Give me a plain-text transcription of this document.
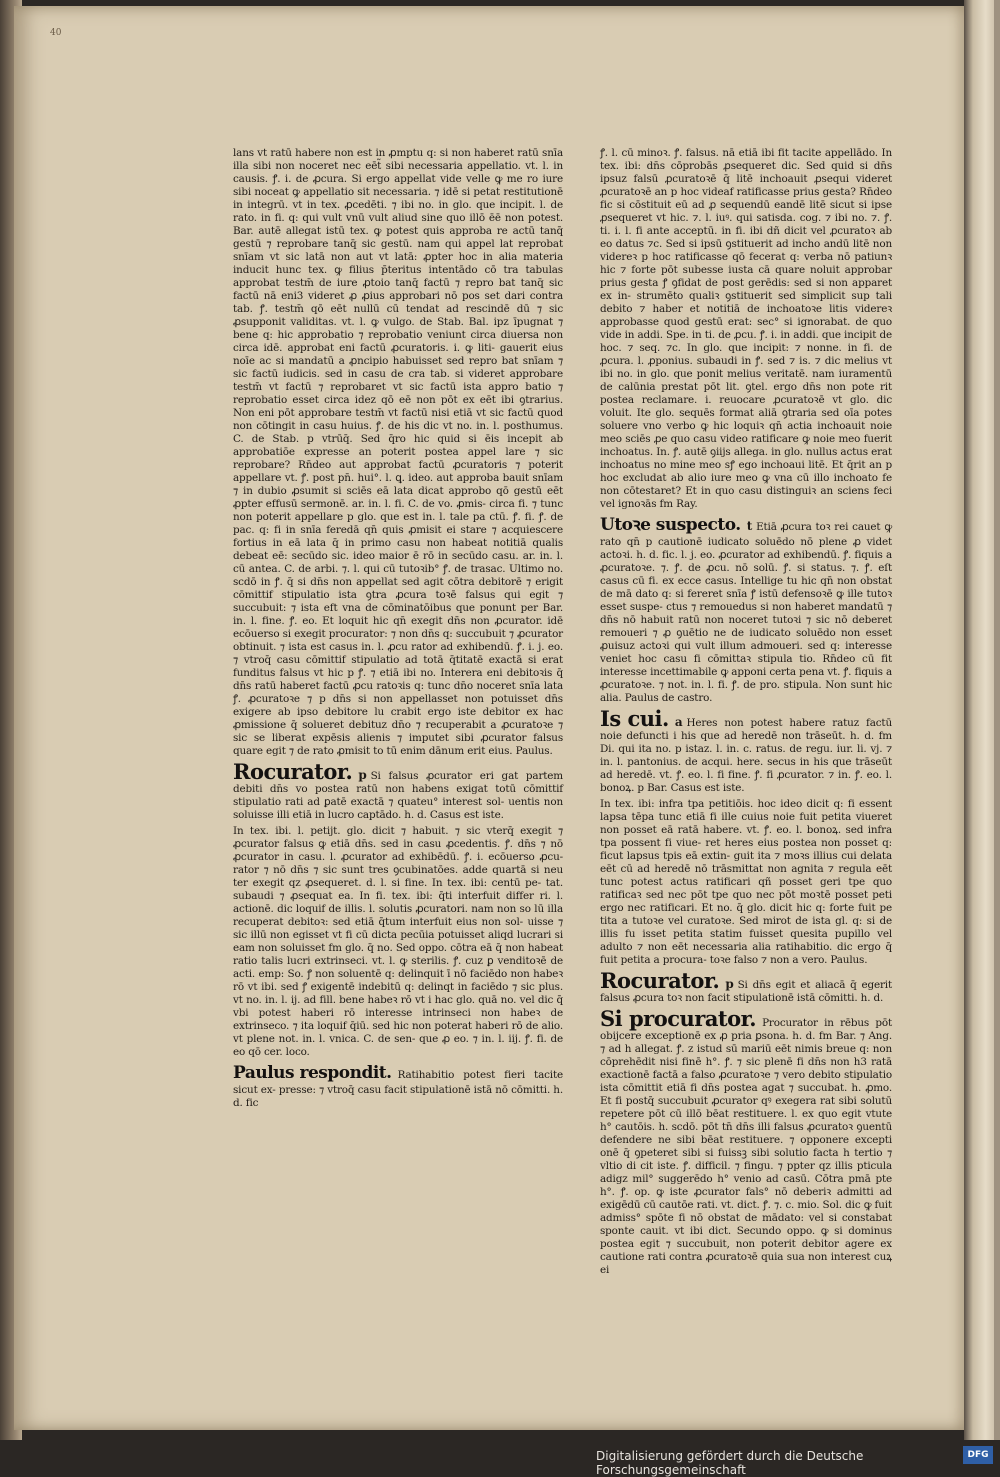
40

lans vt ratū habere non est in ꝓmptu q: si non haberet ratū snīa illa sibi non noceret nec eēt̃ sibi necessaria appellatio. vt. l. in causis. ꝭ. i. de ꝓcura. Si ergo appellat vide velle ꝙ me ro iure sibi noceat ꝙ appellatio sit necessaria. ⁊ idē si petat restitutionē in integrū. vt in tex. ꝓcedēti. ⁊ ibi no. in glo. que incipit. l. de rato. in fi. q: qui vult vnū vult aliud sine quo illō ēē non potest. Bar. autē allegat istū tex. ꝙ potest quis approba re actū tanq̄ gestū ⁊ reprobare tanq̄ sic gestū. nam qui appel lat reprobat snīam vt sic latā non aut vt latā: ꝓpter hoc in alia materia inducit hunc tex. ꝙ filius p̄teritus intentādo cō tra tabulas approbat testm̄ de iure ꝓtoio tanq̄ factū ⁊ repro bat tanq̄ sic factū nā eni3 videret ꝓ ꝓius approbari nō pos set dari contra tab. ꝭ. testm̄ qō eēt nullū cū tendat ad rescindē dū ⁊ sic ꝓsupponit validitas. vt. l. ꝙ vulgo. de Stab. Bal. ipz īpugnat ⁊ bene q: hic approbatio ⁊ reprobatio veniunt circa diuersa non circa idē. approbat eni factū ꝓcuratoris. i. ꝙ liti- gauerit eius noīe ac si mandatū a ꝓncipio habuisset sed repro bat snīam ⁊ sic factū iudicis. sed in casu de cra tab. si videret approbare testm̄ vt factū ⁊ reprobaret vt sic factū ista appro batio ⁊ reprobatio esset circa idez qō eē non pōt ex eēt ibi ꝯtrarius. Non eni pōt approbare testm̄ vt factū nisi etiā vt sic factū quod non cōtingit in casu huius. ꝭ. de his dic vt no. in. l. posthumus. C. de Stab. p vtrūq̄. Sed q̄ro hic quid si ēis incepit ab approbatiōe expresse an poterit postea appel lare ⁊ sic reprobare? Rn̄deo aut approbat factū ꝓcuratoris ⁊ poterit appellare vt. ꝭ. post pn̄. hui°. l. ꝗ. ideo. aut approba bauit snīam ⁊ in dubio ꝓsumit si sciēs eā lata dicat approbo qō gestū eēt ꝓpter effusū sermonē. ar. in. l. fi. C. de vo. ꝓmis- circa fi. ⁊ tunc non poterit appellare p glo. que est in. l. tale pa ctū. ꝭ. fi. ꝭ. de pac. q: fi in snīa feredā qn̄ quis ꝓmisit ei stare ⁊ acquiescere fortius in eā lata q̄ in primo casu non habeat notitiā qualis debeat eē: secūdo sic. ideo maior ē rō in secūdo casu. ar. in. l. cū antea. C. de arbi. ⁊. l. qui cū tutoꝛib° ꝭ. de trasac. Ultimo no. scdō in ꝭ. q̄ si dn̄s non appellat sed agit cōtra debitorē ⁊ erigit cōmittif stipulatio ista ꝯtra ꝓcura toꝛē falsus qui egit ⁊ succubuit: ⁊ ista eft vna de cōminatōibus que ponunt per Bar. in. l. fine. ꝭ. eo. Et loquit hic qn̄ exegit dn̄s non ꝓcurator. idē ecōuerso si exegit procurator: ⁊ non dn̄s q: succubuit ⁊ ꝓcurator obtinuit. ⁊ ista est casus in. l. ꝓcu rator ad exhibendū. ꝭ. i. j. eo. ⁊ vtroq̄ casu cōmittif stipulatio ad totā q̄titatē exactā si erat funditus falsus vt hic p ꝭ. ⁊ etiā ibi no. Interera eni debitoꝛis q̄ dn̄s ratū haberet factū ꝓcu ratoꝛis q: tunc dn̄o noceret snīa lata ꝭ. ꝓcuratoꝛe ⁊ p dn̄s si non appellasset non potuisset dn̄s exigere ab ipso debitore lu crabit ergo iste debitor ex hac ꝓmissione q̄ solueret debituz dn̄o ⁊ recuperabit a ꝓcuratoꝛe ⁊ sic se liberat expēsis alienis ⁊ imputet sibi ꝓcurator falsus quare egit ⁊ de rato ꝓmisit to tū enim dānum erit eius. Paulus.

Rocurator. p Si falsus ꝓcurator eri gat partem debiti dn̄s vo postea ratū non habens exigat totū cōmittif stipulatio rati ad ꝑatē exactā ⁊ quateu° interest sol- uentis non soluisse illi etiā in lucro captādo. h. d. Casus est iste.

In tex. ibi. l. petijt. glo. dicit ⁊ habuit. ⁊ sic vterq̄ exegit ⁊ ꝓcurator falsus ꝙ etiā dn̄s. sed in casu ꝓcedentis. ꝭ. dn̄s ⁊ nō ꝓcurator in casu. l. ꝓcurator ad exhibēdū. ꝭ. i. ecōuerso ꝓcu- rator ⁊ nō dn̄s ⁊ sic sunt tres ꝯcubinatōes. adde quartā si neu ter exegit qz ꝓsequeret. d. l. si fine. In tex. ibi: centū pe- tat. subaudi ⁊ ꝓsequat ea. In fi. tex. ibi: q̄ti interfuit differ ri. l. actionē. dic loquif de illis. l. solutis ꝓcuratori. nam non so lū illa recuperat debitoꝛ: sed etiā q̄tum interfuit eius non sol- uisse ⁊ sic illū non egisset vt fi cū dicta pecūia potuisset aliqd lucrari si eam non soluisset fm glo. q̄ no. Sed oppo. cōtra eā q̄ non habeat ratio talis lucri extrinseci. vt. l. ꝙ sterilis. ꝭ. cuz ꝑ venditoꝛē de acti. emp: So. ꝭ non soluentē q: delinquit ī nō faciēdo non habeꝛ rō vt ibi. sed ꝭ exigentē indebitū q: delinqt in faciēdo ⁊ sic plus. vt no. in. l. ij. ad fill. bene habeꝛ rō vt i hac glo. quā no. vel dic q̄ vbi potest haberi rō interesse intrinseci non habeꝛ de extrinseco. ⁊ ita loquif q̄iū. sed hic non poterat haberi rō de alio. vt plene not. in. l. vnica. C. de sen- que ꝓ eo. ⁊ in. l. iij. ꝭ. fi. de eo qō cer. loco.

Paulus respondit. Ratihabitio potest fieri tacite sicut ex- presse: ⁊ vtroq̄ casu facit stipulationē istā nō cōmitti. h. d. fic

ꝭ. l. cū minoꝛ. ꝭ. falsus. nā etiā ibi fit tacite appellādo. In tex. ibi: dn̄s cōprobās ꝓsequeret dic. Sed quid si dn̄s ipsuz falsū ꝓcuratoꝛē q̄ litē inchoauit ꝓsequi videret ꝓcuratoꝛē an p hoc videaf ratificasse prius gesta? Rn̄deo fic si cōstituit eū ad ꝓ sequendū eandē litē sicut si ipse ꝓsequeret vt hic. ⁊. l. iuꝰ. qui satisda. cog. ⁊ ibi no. ⁊. ꝭ. ti. i. l. fi ante acceptū. in fi. ibi dñ dicit vel ꝓcuratoꝛ ab eo datus ⁊c. Sed si ipsū ꝯstituerit ad incho andū litē non videreꝛ p hoc ratificasse qō fecerat q: verba nō patiunꝛ hic ⁊ forte pōt subesse iusta cā quare noluit approbar prius gesta ꝭ ꝯfidat de post gerēdis: sed si non apparet ex in- strumēto qualiꝛ ꝯstituerit sed simplicit sup tali debito ⁊ haber et notitiā de inchoatoꝛe litis videreꝛ approbasse quod gestū erat: sec° si ignorabat. de quo vide in addi. Spe. in ti. de ꝓcu. ꝭ. i. in addi. que incipit de hoc. ⁊ seq. ⁊c. In glo. que incipit: ⁊ nonne. in fi. de ꝓcura. l. ꝓponius. subaudi in ꝭ. sed ⁊ is. ⁊ dic melius vt ibi no. in glo. que ponit melius veritatē. nam iuramentū de calūnia prestat pōt lit. ꝯtel. ergo dn̄s non pote rit postea reclamare. i. reuocare ꝓcuratoꝛē vt glo. dic voluit. Ite glo. sequēs format aliā ꝯtraria sed oīa potes soluere vno verbo ꝙ hic loquiꝛ qn̄ actia inchoauit noie meo sciēs ꝓe quo casu video ratificare ꝙ noie meo fuerit inchoatus. In. ꝭ. autē ꝯiijs allega. in glo. nullus actus erat inchoatus no mine meo sꝭ ego inchoaui litē. Et q̄rit an p hoc excludat ab alio iure meo ꝙ vna cū illo inchoato fe non cōtestaret? Et in quo casu distinguiꝛ an sciens feci vel ignoꝛās fm Ray.

Utoꝛe suspecto. t Etiā ꝓcura toꝛ rei cauet ꝙ rato qn̄ p cautionē iudicato soluēdo nō plene ꝓ videt actoꝛi. h. d. fic. l. j. eo. ꝓcurator ad exhibendū. ꝭ. fiquis a ꝓcuratoꝛe. ⁊. ꝭ. de ꝓcu. nō solū. ꝭ. si status. ⁊. ꝭ. eſt casus cū fi. ex ecce casus. Intellige tu hic qn̄ non obstat de mā dato q: si fereret snīa ꝭ istū defensoꝛē ꝙ ille tutoꝛ esset suspe- ctus ⁊ remouedus si non haberet mandatū ⁊ dn̄s nō habuit ratū non noceret tutoꝛi ⁊ sic nō deberet remoueri ⁊ ꝓ ꝯuētio ne de iudicato soluēdo non esset ꝓuisuz actoꝛi qui vult illum admoueri. sed q: interesse veniet hoc casu fi cōmittaꝛ stipula tio. Rn̄deo cū fit interesse incettimabile ꝙ apponi certa pena vt. ꝭ. fiquis a ꝓcuratoꝛe. ⁊ not. in. l. fi. ꝭ. de pro. stipula. Non sunt hic alia. Paulus de castro.

Is cui. a Heres non potest habere ratuz factū noie defuncti i his que ad heredē non trāseūt. h. d. fm Di. qui ita no. p istaz. l. in. c. ratus. de regu. iur. li. vj. ⁊ in. l. pantonius. de acqui. here. secus in his que trāseūt ad heredē. vt. ꝭ. eo. l. fi fine. ꝭ. fi ꝓcurator. ⁊ in. ꝭ. eo. l. bonoꝝ. p Bar. Casus est iste.

In tex. ibi: infra tpa petitiōis. hoc ideo dicit q: fi essent lapsa tēpa tunc etiā fi ille cuius noie fuit petita viueret non posset eā ratā habere. vt. ꝭ. eo. l. bonoꝝ. sed infra tpa possent fi viue- ret heres eius postea non posset q: ficut lapsus tpis eā extin- guit ita ⁊ moꝛs illius cui delata eēt cū ad heredē nō trāsmittat non agnita ⁊ regula eēt tunc potest actus ratificari qñ posset geri tpe quo ratificaꝛ sed nec pōt tpe quo nec pōt moꝛtē posset peti ergo nec ratificari. Et no. q̄ glo. dicit hic q: forte fuit pe tita a tutoꝛe vel curatoꝛe. Sed mirot de ista gl. q: si de illis fu isset petita statim fuisset quesita pupillo vel adulto ⁊ non eēt necessaria alia ratihabitio. dic ergo q̄ fuit petita a procura- toꝛe falso ⁊ non a vero. Paulus.

Rocurator. p Si dn̄s egit et aliacā q̄ egerit falsus ꝓcura toꝛ non facit stipulationē istā cōmitti. h. d.

Si procurator. Procurator in rēbus pōt obijcere exceptionē ex ꝓ pria ꝑsona. h. d. fm Bar. ⁊ Ang. ⁊ ad h allegat. ꝭ. z istud sū mariū eēt nimis breue q: non cōprehēdit nisi finē h°. ꝭ. ⁊ sic plenē fi dn̄s non h3 ratā exactionē factā a falso ꝓcuratoꝛe ⁊ vero debito stipulatio ista cōmittit etiā fi dn̄s postea agat ⁊ succubat. h. ꝓmo. Et fi postq̄ succubuit ꝓcurator qꝰ exegera rat sibi solutū repetere pōt cū illō bēat restituere. l. ex quo egit vtute h° cautōis. h. scdō. pōt tn̄ dn̄s illi falsus ꝓcuratoꝛ ꝯuentū defendere ne sibi bēat restituere. ⁊ opponere excepti onē q̄ ꝯpeteret sibi si fuissꝫ sibi solutio facta h tertio ⁊ vltio di cit iste. ꝭ. difficil. ⁊ fingu. ⁊ ppter qz illis pticula adigz mil° suggerēdo h° venio ad casū. Cōtra pmā pte h°. ꝭ. op. ꝙ iste ꝓcurator fals° nō deberiꝛ admitti ad exigēdū cū cautōe rati. vt. dict. ꝭ. ⁊. c. mio. Sol. dic ꝙ fuit admiss° spōte fi nō obstat de mādato: vel si constabat sponte cauit. vt ibi dict. Secundo oppo. ꝙ si dominus postea egit ⁊ succubuit, non poterit debitor agere ex cautione rati contra ꝓcuratoꝛē quia sua non interest cuꝝ ei

Digitalisierung gefördert durch die Deutsche Forschungsgemeinschaft
DFG
